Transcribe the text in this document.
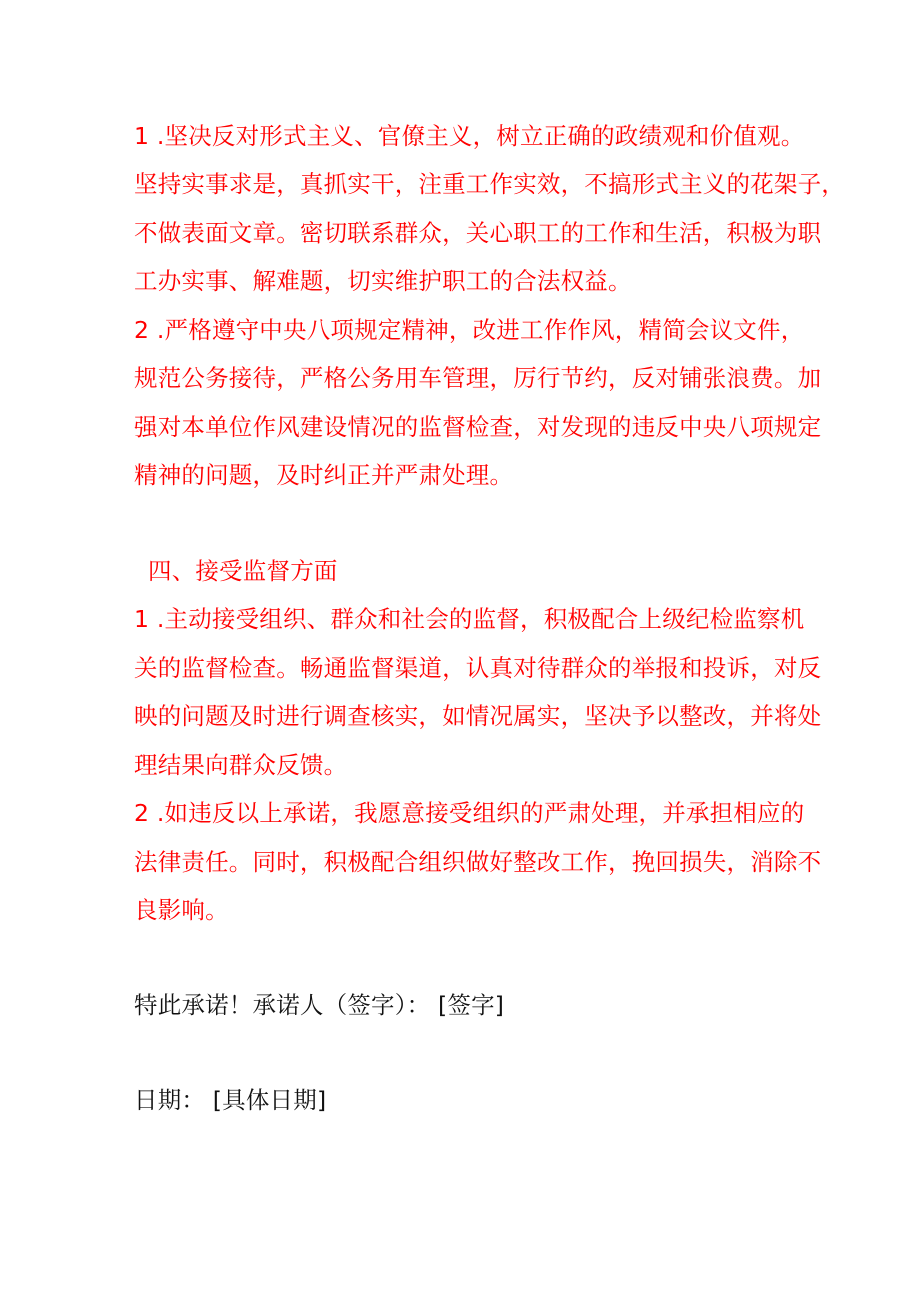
1 .坚决反对形式主义、官僚主义，树立正确的政绩观和价值观。
坚持实事求是，真抓实干，注重工作实效，不搞形式主义的花架子，
不做表面文章。密切联系群众，关心职工的工作和生活，积极为职
工办实事、解难题，切实维护职工的合法权益。
2 .严格遵守中央八项规定精神，改进工作作风，精简会议文件，
规范公务接待，严格公务用车管理，厉行节约，反对铺张浪费。加
强对本单位作风建设情况的监督检查，对发现的违反中央八项规定
精神的问题，及时纠正并严肃处理。
四、接受监督方面
1 .主动接受组织、群众和社会的监督，积极配合上级纪检监察机
关的监督检查。畅通监督渠道，认真对待群众的举报和投诉，对反
映的问题及时进行调查核实，如情况属实，坚决予以整改，并将处
理结果向群众反馈。
2 .如违反以上承诺，我愿意接受组织的严肃处理，并承担相应的
法律责任。同时，积极配合组织做好整改工作，挽回损失，消除不
良影响。
特此承诺！承诺人（签字）： [签字]
日期： [具体日期]
